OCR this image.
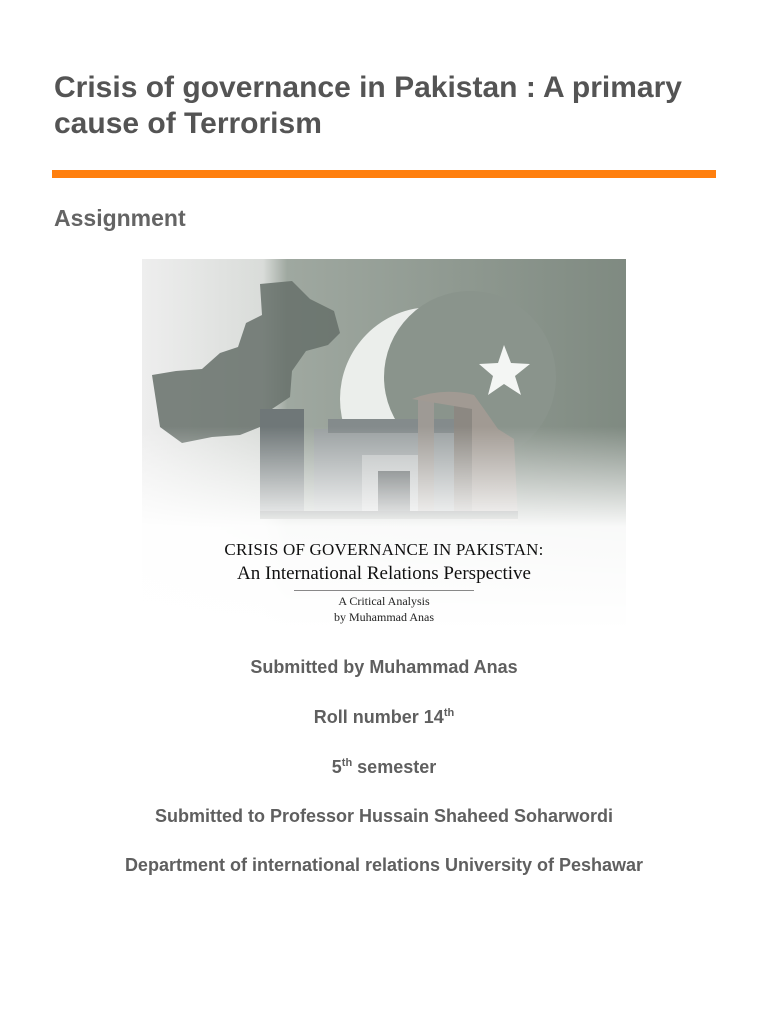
Crisis of governance in Pakistan : A primary cause of Terrorism
Assignment
CRISIS OF GOVERNANCE IN PAKISTAN:
An International Relations Perspective
A Critical Analysis
by Muhammad Anas
Submitted by Muhammad Anas
Roll number 14th
5th semester
Submitted to Professor Hussain Shaheed Soharwordi
Department of international relations University of Peshawar
